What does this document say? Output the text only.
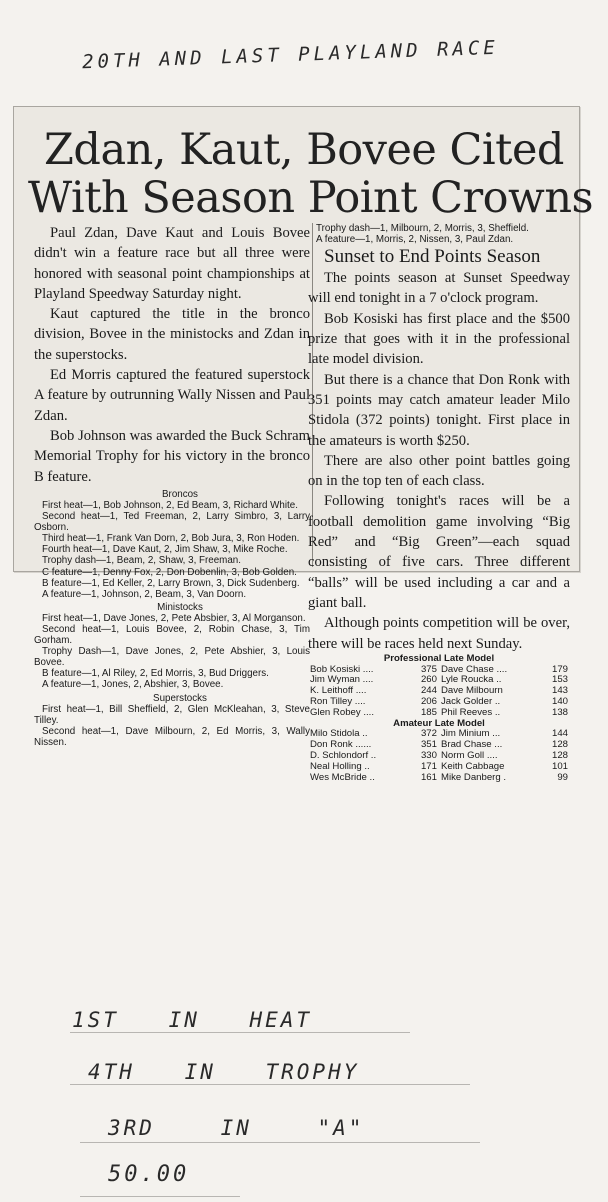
20TH AND LAST PLAYLAND RACE
Zdan, Kaut, Bovee Cited
With Season Point Crowns

Paul Zdan, Dave Kaut and Louis Bovee didn't win a feature race but all three were honored with seasonal point championships at Playland Speedway Saturday night.

Kaut captured the title in the bronco division, Bovee in the ministocks and Zdan in the superstocks.

Ed Morris captured the featured superstock A feature by outrunning Wally Nissen and Paul Zdan.

Bob Johnson was awarded the Buck Schram Memorial Trophy for his victory in the bronco B feature.

Broncos

First heat—1, Bob Johnson, 2, Ed Beam, 3, Richard White.

Second heat—1, Ted Freeman, 2, Larry Simbro, 3, Larry Osborn.

Third heat—1, Frank Van Dorn, 2, Bob Jura, 3, Ron Hoden.

Fourth heat—1, Dave Kaut, 2, Jim Shaw, 3, Mike Roche.

Trophy dash—1, Beam, 2, Shaw, 3, Freeman.

C feature—1, Denny Fox, 2, Don Dobenlin, 3, Bob Golden.

B feature—1, Ed Keller, 2, Larry Brown, 3, Dick Sudenberg.

A feature—1, Johnson, 2, Beam, 3, Van Doorn.

Ministocks

First heat—1, Dave Jones, 2, Pete Absbier, 3, Al Morganson.

Second heat—1, Louis Bovee, 2, Robin Chase, 3, Tim Gorham.

Trophy Dash—1, Dave Jones, 2, Pete Abshier, 3, Louis Bovee.

B feature—1, Al Riley, 2, Ed Morris, 3, Bud Driggers.

A feature—1, Jones, 2, Abshier, 3, Bovee.

Superstocks

First heat—1, Bill Sheffield, 2, Glen McKleahan, 3, Steve Tilley.

Second heat—1, Dave Milbourn, 2, Ed Morris, 3, Wally Nissen.

Trophy dash—1, Milbourn, 2, Morris, 3, Sheffield.

A feature—1, Morris, 2, Nissen, 3, Paul Zdan.

Sunset to End Points Season

The points season at Sunset Speedway will end tonight in a 7 o'clock program.

Bob Kosiski has first place and the $500 prize that goes with it in the professional late model division.

But there is a chance that Don Ronk with 351 points may catch amateur leader Milo Stidola (372 points) tonight. First place in the amateurs is worth $250.

There are also other point battles going on in the top ten of each class.

Following tonight's races will be a football demolition game involving “Big Red” and “Big Green”—each squad consisting of five cars. Three different “balls” will be used including a car and a giant ball.

Although points competition will be over, there will be races held next Sunday.

Professional Late Model			
Bob Kosiski ....	375	Dave Chase ....	179
Jim Wyman ....	260	Lyle Roucka ..	153
K. Leithoff ....	244	Dave Milbourn	143
Ron Tilley ....	206	Jack Golder ..	140
Glen Robey ....	185	Phil Reeves ..	138
Amateur Late Model			
Milo Stidola ..	372	Jim Minium ...	144
Don Ronk ......	351	Brad Chase ...	128
D. Schlondorf ..	330	Norm Goll ....	128
Neal Holling ..	171	Keith Cabbage	101
Wes McBride ..	161	Mike Danberg .	99
1ST IN HEAT
4TH IN TROPHY
3RD IN "A"
50.00
